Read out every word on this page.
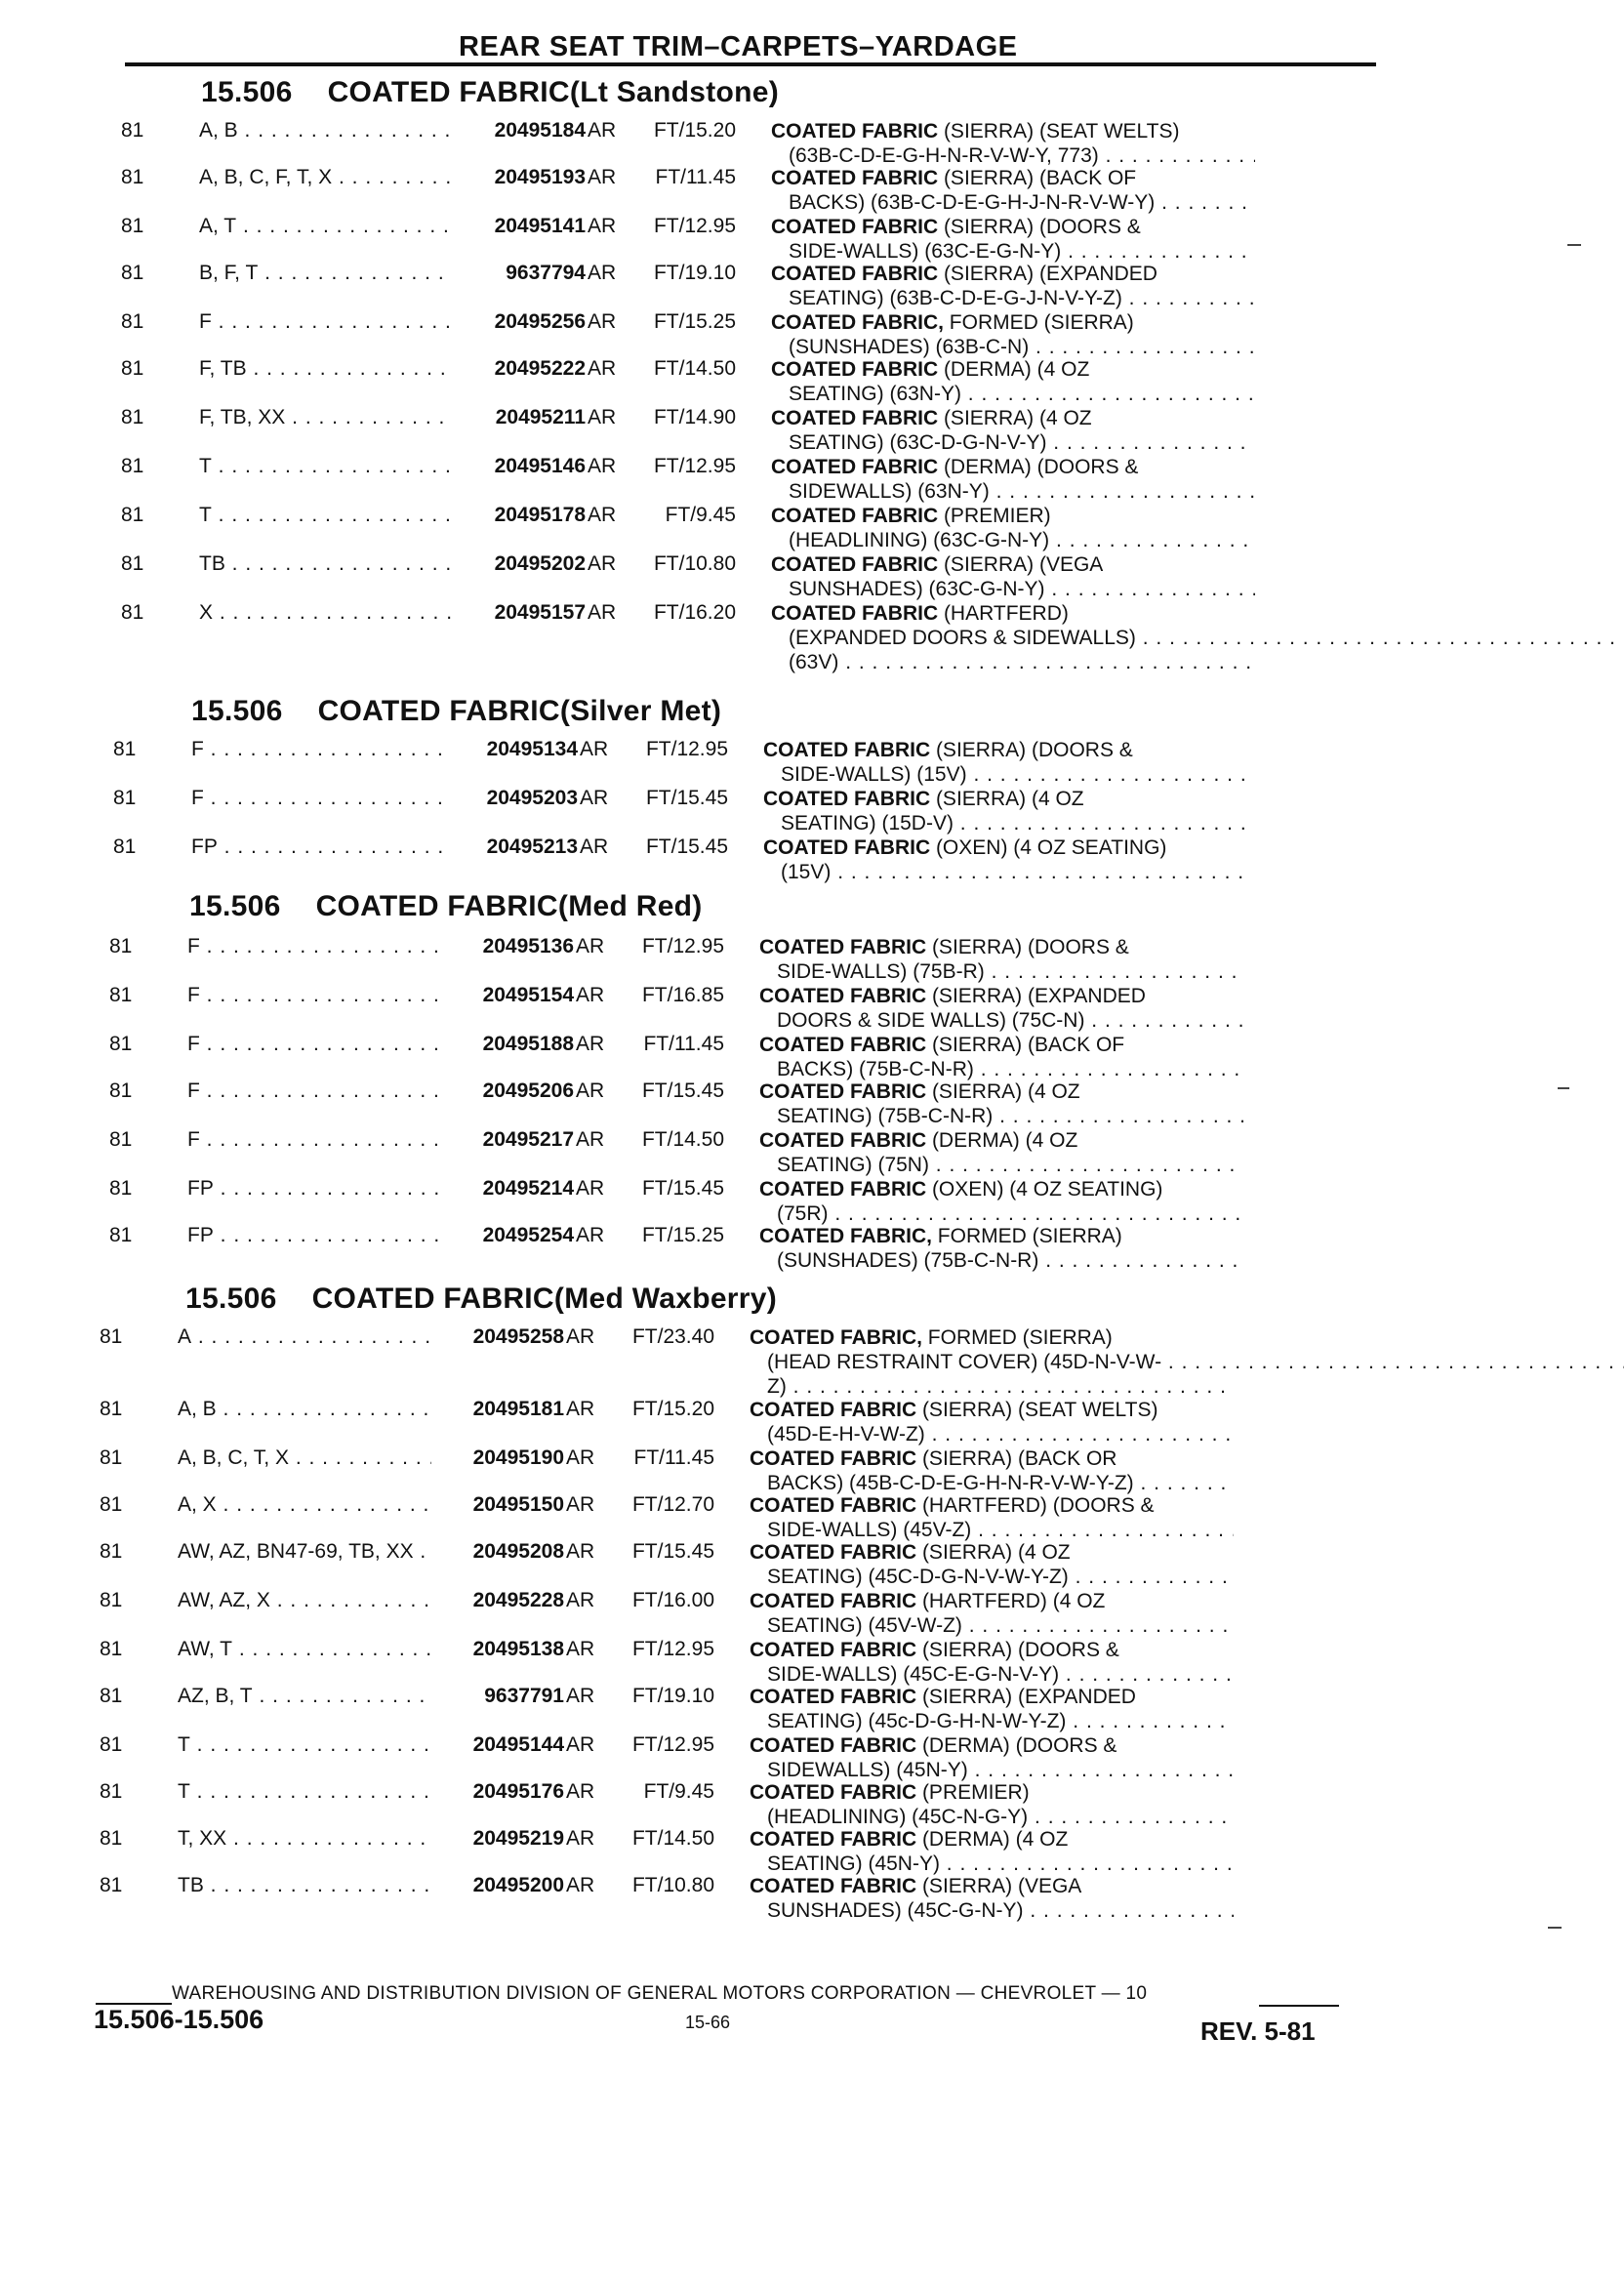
REAR SEAT TRIM–CARPETS–YARDAGE
15.506 COATED FABRIC(Lt Sandstone)
81	A, B . . .	20495184 AR	FT/15.20 COATED FABRIC (SIERRA) (SEAT WELTS)
(63B-C-D-E-G-H-N-R-V-W-Y, 773) . . .
81	A, B, C, F, T, X . . .	20495193 AR	FT/11.45 COATED FABRIC (SIERRA) (BACK OF
BACKS) (63B-C-D-E-G-H-J-N-R-V-W-Y) . . .
81	A, T . . .	20495141 AR	FT/12.95 COATED FABRIC (SIERRA) (DOORS &
SIDE-WALLS) (63C-E-G-N-Y) . . .
81	B, F, T . . .	9637794 AR	FT/19.10 COATED FABRIC (SIERRA) (EXPANDED
SEATING) (63B-C-D-E-G-J-N-V-Y-Z) . . .
81	F . . .	20495256 AR	FT/15.25 COATED FABRIC, FORMED (SIERRA)
(SUNSHADES) (63B-C-N) . . .
81	F, TB . . .	20495222 AR	FT/14.50 COATED FABRIC (DERMA) (4 OZ
SEATING) (63N-Y) . . .
81	F, TB, XX . . .	20495211 AR	FT/14.90 COATED FABRIC (SIERRA) (4 OZ
SEATING) (63C-D-G-N-V-Y) . . .
81	T . . .	20495146 AR	FT/12.95 COATED FABRIC (DERMA) (DOORS &
SIDEWALLS) (63N-Y) . . .
81	T . . .	20495178 AR	FT/9.45 COATED FABRIC (PREMIER)
(HEADLINING) (63C-G-N-Y) . . .
81	TB . . .	20495202 AR	FT/10.80 COATED FABRIC (SIERRA) (VEGA
SUNSHADES) (63C-G-N-Y) . . .
81	X . . .	20495157 AR	FT/16.20 COATED FABRIC (HARTFERD)
(EXPANDED DOORS & SIDEWALLS) . . .
(63V) . . .
15.506 COATED FABRIC(Silver Met)
81	F . . .	20495134 AR	FT/12.95 COATED FABRIC (SIERRA) (DOORS &
SIDE-WALLS) (15V) . . .
81	F . . .	20495203 AR	FT/15.45 COATED FABRIC (SIERRA) (4 OZ
SEATING) (15D-V) . . .
81	FP . . .	20495213 AR	FT/15.45 COATED FABRIC (OXEN) (4 OZ SEATING)
(15V) . . .
15.506 COATED FABRIC(Med Red)
81	F . . .	20495136 AR	FT/12.95 COATED FABRIC (SIERRA) (DOORS &
SIDE-WALLS) (75B-R) . . .
81	F . . .	20495154 AR	FT/16.85 COATED FABRIC (SIERRA) (EXPANDED
DOORS & SIDE WALLS) (75C-N) . . .
81	F . . .	20495188 AR	FT/11.45 COATED FABRIC (SIERRA) (BACK OF
BACKS) (75B-C-N-R) . . .
81	F . . .	20495206 AR	FT/15.45 COATED FABRIC (SIERRA) (4 OZ
SEATING) (75B-C-N-R) . . .
81	F . . .	20495217 AR	FT/14.50 COATED FABRIC (DERMA) (4 OZ
SEATING) (75N) . . .
81	FP . . .	20495214 AR	FT/15.45 COATED FABRIC (OXEN) (4 OZ SEATING)
(75R) . . .
81	FP . . .	20495254 AR	FT/15.25 COATED FABRIC, FORMED (SIERRA)
(SUNSHADES) (75B-C-N-R) . . .
15.506 COATED FABRIC(Med Waxberry)
81	A . . .	20495258 AR	FT/23.40 COATED FABRIC, FORMED (SIERRA)
(HEAD RESTRAINT COVER) (45D-N-V-W- . . .
Z) . . .
81	A, B . . .	20495181 AR	FT/15.20 COATED FABRIC (SIERRA) (SEAT WELTS)
(45D-E-H-V-W-Z) . . .
81	A, B, C, T, X . . .	20495190 AR	FT/11.45 COATED FABRIC (SIERRA) (BACK OR
BACKS) (45B-C-D-E-G-H-N-R-V-W-Y-Z) . . .
81	A, X . . .	20495150 AR	FT/12.70 COATED FABRIC (HARTFERD) (DOORS &
SIDE-WALLS) (45V-Z) . . .
81	AW, AZ, BN47-69, TB, XX . . .	20495208 AR	FT/15.45 COATED FABRIC (SIERRA) (4 OZ
SEATING) (45C-D-G-N-V-W-Y-Z) . . .
81	AW, AZ, X . . .	20495228 AR	FT/16.00 COATED FABRIC (HARTFERD) (4 OZ
SEATING) (45V-W-Z) . . .
81	AW, T . . .	20495138 AR	FT/12.95 COATED FABRIC (SIERRA) (DOORS &
SIDE-WALLS) (45C-E-G-N-V-Y) . . .
81	AZ, B, T . . .	9637791 AR	FT/19.10 COATED FABRIC (SIERRA) (EXPANDED
SEATING) (45c-D-G-H-N-W-Y-Z) . . .
81	T . . .	20495144 AR	FT/12.95 COATED FABRIC (DERMA) (DOORS &
SIDEWALLS) (45N-Y) . . .
81	T . . .	20495176 AR	FT/9.45 COATED FABRIC (PREMIER)
(HEADLINING) (45C-N-G-Y) . . .
81	T, XX . . .	20495219 AR	FT/14.50 COATED FABRIC (DERMA) (4 OZ
SEATING) (45N-Y) . . .
81	TB . . .	20495200 AR	FT/10.80 COATED FABRIC (SIERRA) (VEGA
SUNSHADES) (45C-G-N-Y) . . .
WAREHOUSING AND DISTRIBUTION DIVISION OF GENERAL MOTORS CORPORATION — CHEVROLET — 10
15.506-15.506	15-66	REV. 5-81
